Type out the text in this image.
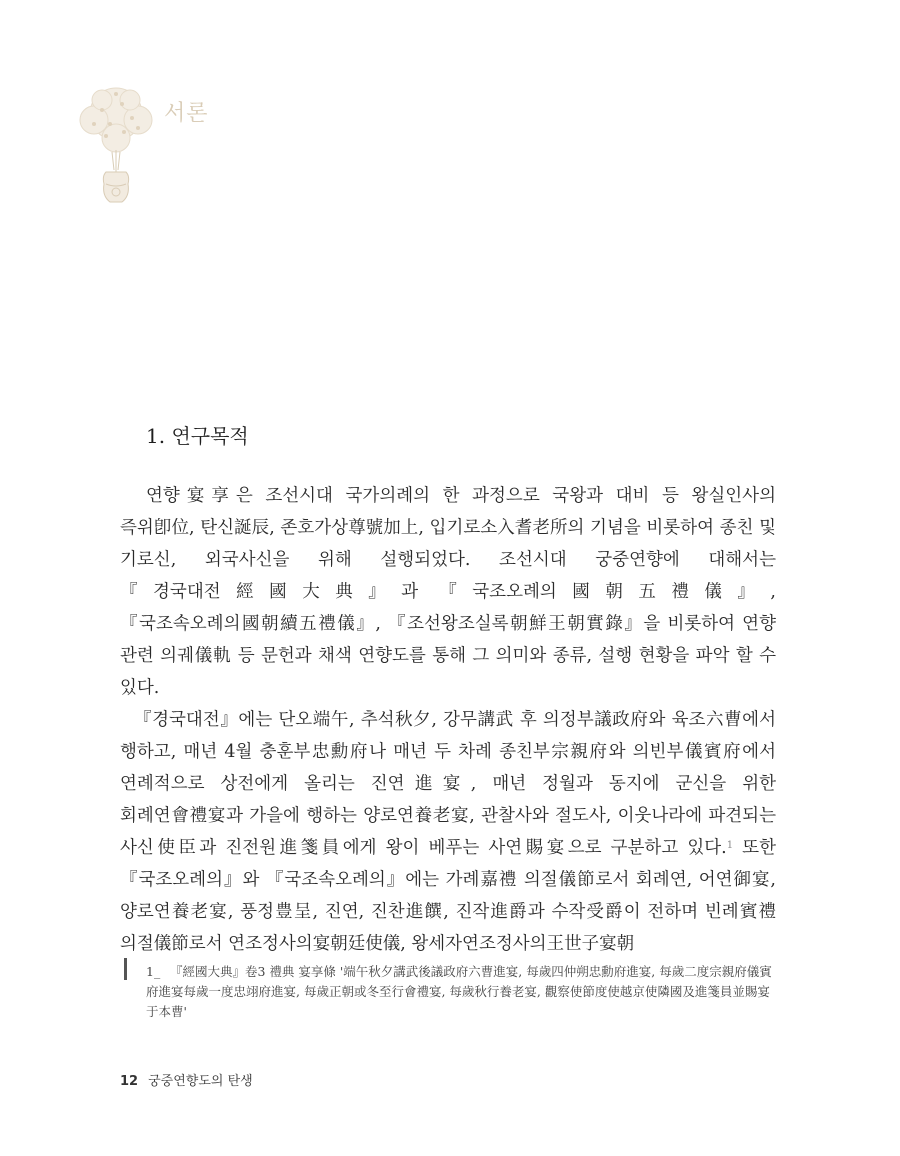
서론
1. 연구목적

연향宴享은 조선시대 국가의례의 한 과정으로 국왕과 대비 등 왕실인사의 즉위卽位, 탄신誕辰, 존호가상尊號加上, 입기로소入耆老所의 기념을 비롯하여 종친 및 기로신, 외국사신을 위해 설행되었다. 조선시대 궁중연향에 대해서는 『경국대전經國大典』과 『국조오례의國朝五禮儀』, 『국조속오례의國朝續五禮儀』, 『조선왕조실록朝鮮王朝實錄』을 비롯하여 연향 관련 의궤儀軌 등 문헌과 채색 연향도를 통해 그 의미와 종류, 설행 현황을 파악 할 수 있다.

『경국대전』에는 단오端午, 추석秋夕, 강무講武 후 의정부議政府와 육조六曹에서 행하고, 매년 4월 충훈부忠勳府나 매년 두 차례 종친부宗親府와 의빈부儀賓府에서 연례적으로 상전에게 올리는 진연進宴, 매년 정월과 동지에 군신을 위한 회례연會禮宴과 가을에 행하는 양로연養老宴, 관찰사와 절도사, 이웃나라에 파견되는 사신使臣과 진전원進箋員에게 왕이 베푸는 사연賜宴으로 구분하고 있다.$^1$ 또한 『국조오례의』와 『국조속오례의』에는 가례嘉禮 의절儀節로서 회례연, 어연御宴, 양로연養老宴, 풍정豊呈, 진연, 진찬進饌, 진작進爵과 수작受爵이 전하며 빈례賓禮 의절儀節로서 연조정사의宴朝廷使儀, 왕세자연조정사의王世子宴朝

1_ 『經國大典』卷3 禮典 宴享條 '端午秋夕講武後議政府六曹進宴, 每歲四仲朔忠勳府進宴, 每歲二度宗親府儀賓府進宴每歲一度忠翊府進宴, 每歲正朝或冬至行會禮宴, 每歲秋行養老宴, 觀察使節度使越京使隣國及進箋員並賜宴于本曹'
12 궁중연향도의 탄생
